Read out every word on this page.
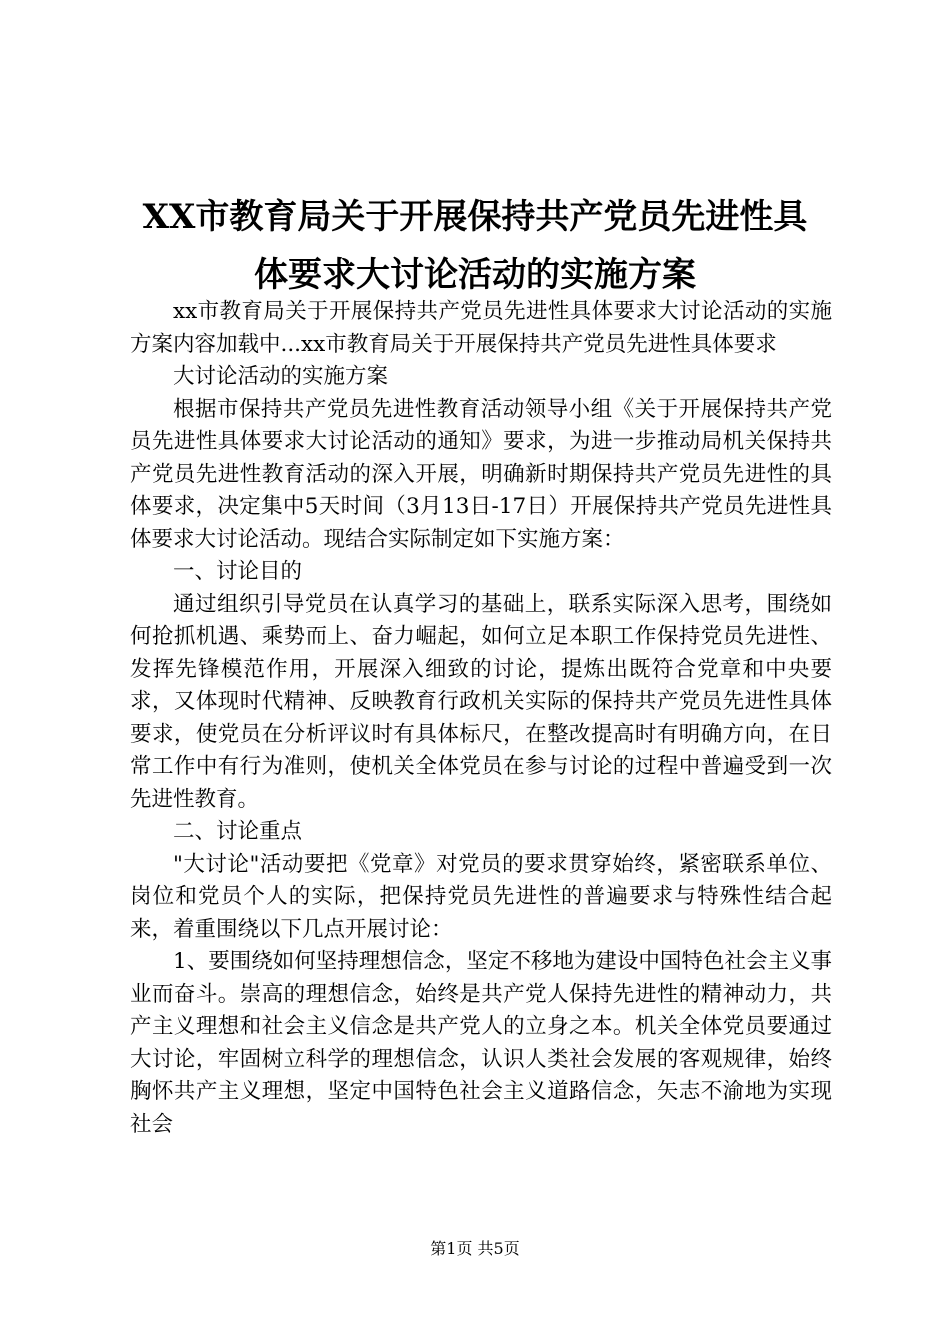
XX市教育局关于开展保持共产党员先进性具
体要求大讨论活动的实施方案

xx市教育局关于开展保持共产党员先进性具体要求大讨论活动的实施方案内容加载中...xx市教育局关于开展保持共产党员先进性具体要求

大讨论活动的实施方案

根据市保持共产党员先进性教育活动领导小组《关于开展保持共产党员先进性具体要求大讨论活动的通知》要求，为进一步推动局机关保持共产党员先进性教育活动的深入开展，明确新时期保持共产党员先进性的具体要求，决定集中5天时间（3月13日-17日）开展保持共产党员先进性具体要求大讨论活动。现结合实际制定如下实施方案：

一、讨论目的

通过组织引导党员在认真学习的基础上，联系实际深入思考，围绕如何抢抓机遇、乘势而上、奋力崛起，如何立足本职工作保持党员先进性、发挥先锋模范作用，开展深入细致的讨论，提炼出既符合党章和中央要求，又体现时代精神、反映教育行政机关实际的保持共产党员先进性具体要求，使党员在分析评议时有具体标尺，在整改提高时有明确方向，在日常工作中有行为准则，使机关全体党员在参与讨论的过程中普遍受到一次先进性教育。

二、讨论重点

"大讨论"活动要把《党章》对党员的要求贯穿始终，紧密联系单位、岗位和党员个人的实际，把保持党员先进性的普遍要求与特殊性结合起来，着重围绕以下几点开展讨论：

1、要围绕如何坚持理想信念，坚定不移地为建设中国特色社会主义事业而奋斗。崇高的理想信念，始终是共产党人保持先进性的精神动力，共产主义理想和社会主义信念是共产党人的立身之本。机关全体党员要通过大讨论，牢固树立科学的理想信念，认识人类社会发展的客观规律，始终胸怀共产主义理想，坚定中国特色社会主义道路信念，矢志不渝地为实现社会

第1页 共5页
